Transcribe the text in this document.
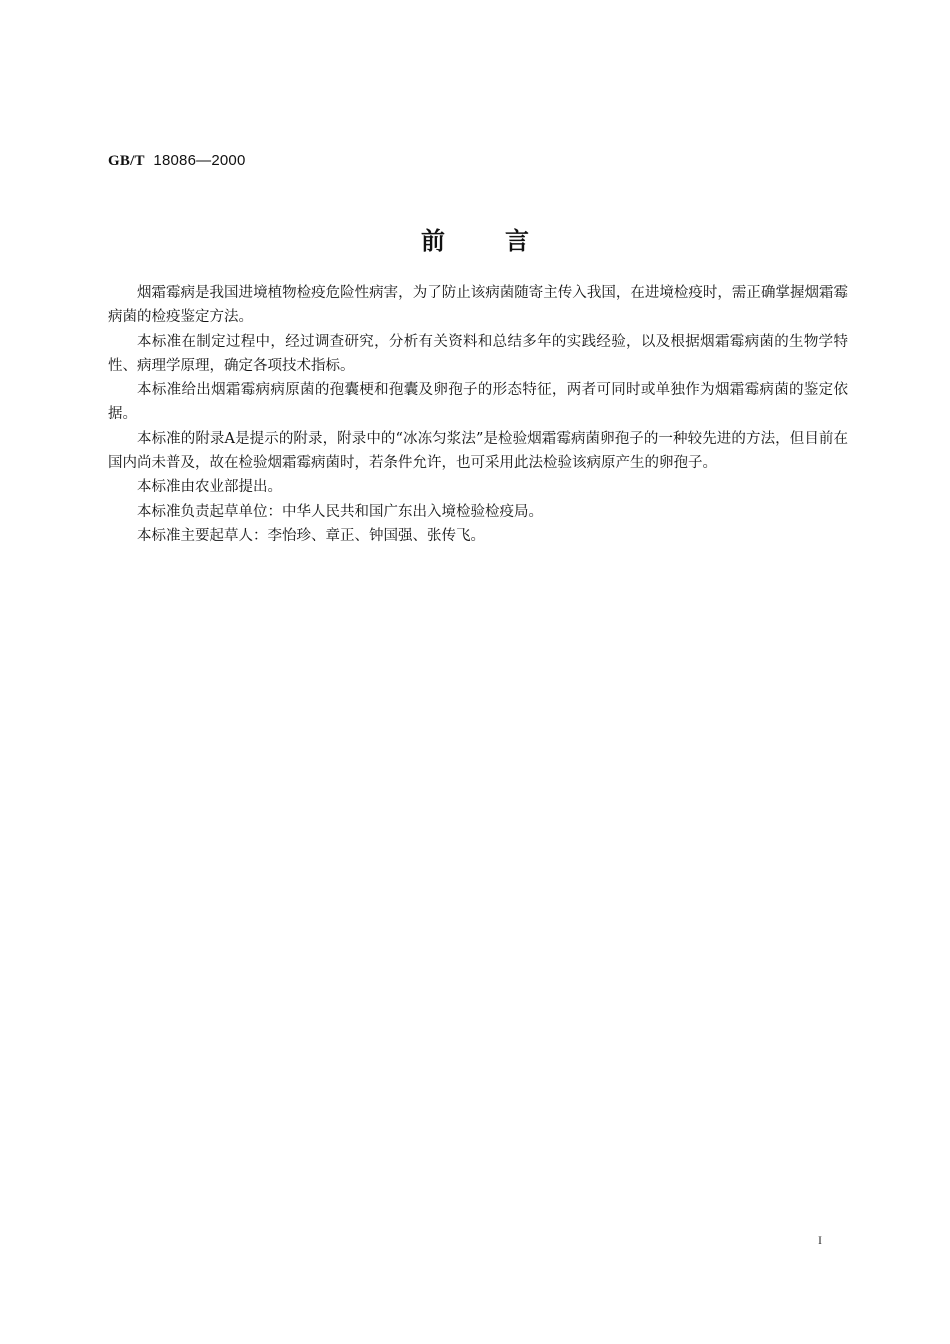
GB/T 18086—2000
前言

烟霜霉病是我国进境植物检疫危险性病害，为了防止该病菌随寄主传入我国，在进境检疫时，需正确掌握烟霜霉病菌的检疫鉴定方法。

本标准在制定过程中，经过调查研究，分析有关资料和总结多年的实践经验，以及根据烟霜霉病菌的生物学特性、病理学原理，确定各项技术指标。

本标准给出烟霜霉病病原菌的孢囊梗和孢囊及卵孢子的形态特征，两者可同时或单独作为烟霜霉病菌的鉴定依据。

本标准的附录A是提示的附录，附录中的“冰冻匀浆法”是检验烟霜霉病菌卵孢子的一种较先进的方法，但目前在国内尚未普及，故在检验烟霜霉病菌时，若条件允许，也可采用此法检验该病原产生的卵孢子。

本标准由农业部提出。

本标准负责起草单位：中华人民共和国广东出入境检验检疫局。

本标准主要起草人：李怡珍、章正、钟国强、张传飞。

I
